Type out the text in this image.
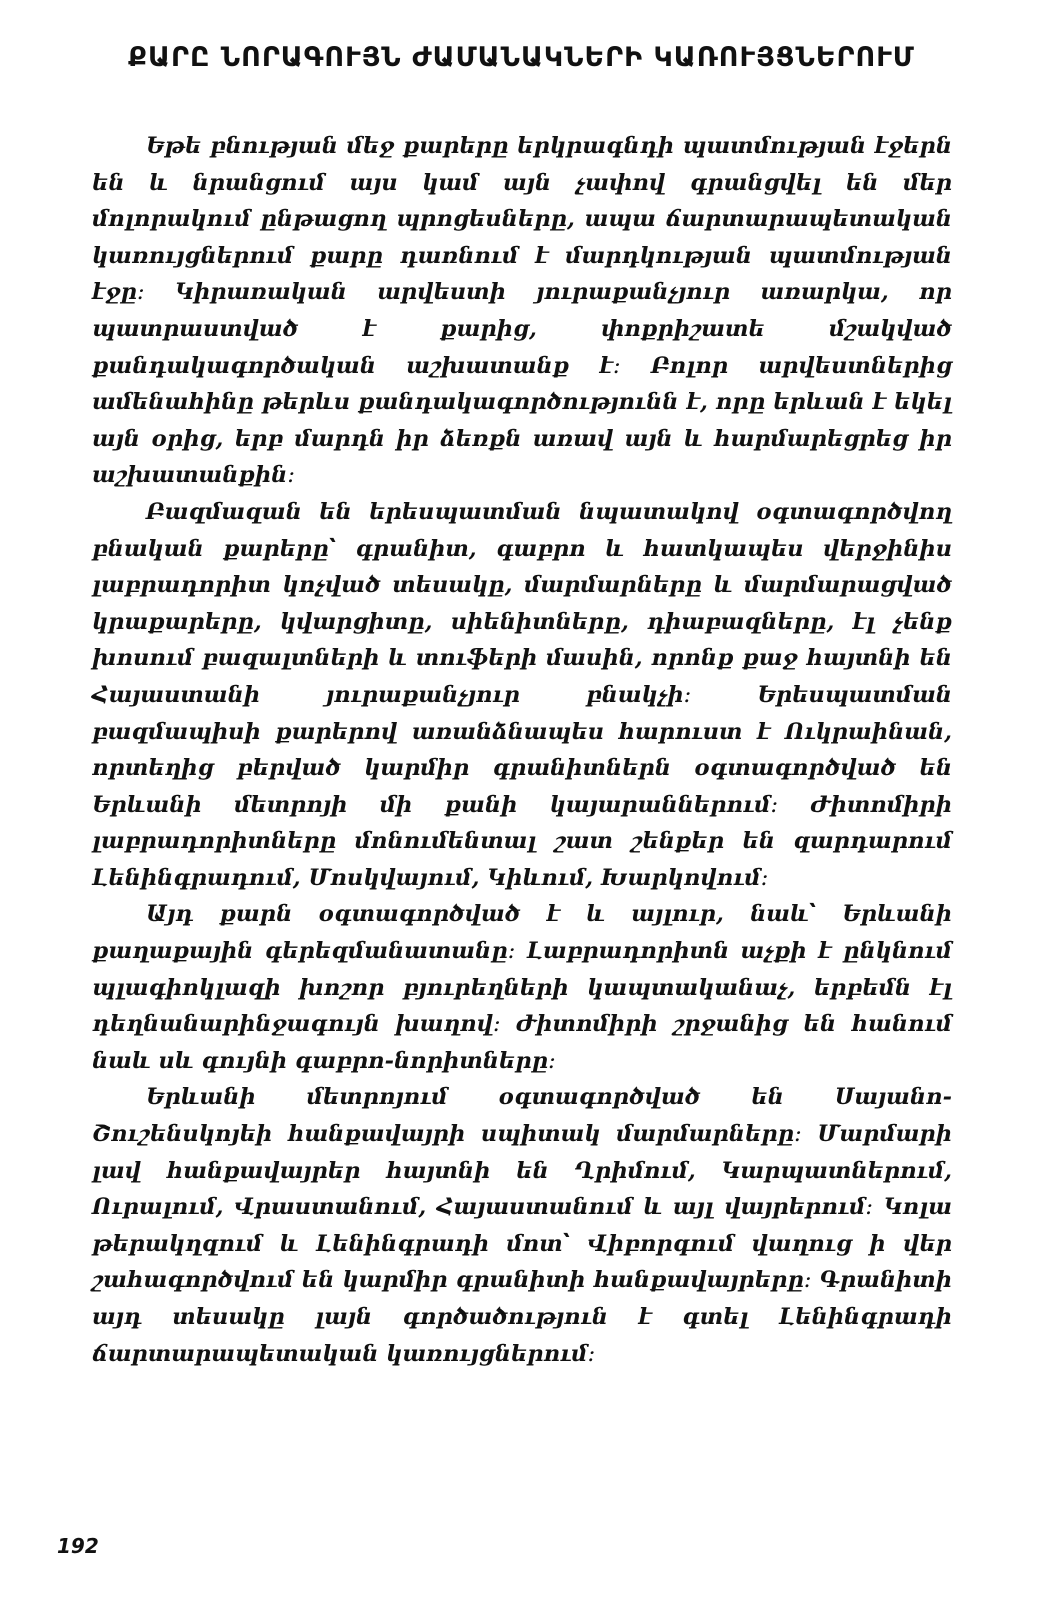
ՔԱՐԸ ՆՈՐԱԳՈՒՅՆ ԺԱՄԱՆԱԿՆԵՐԻ ԿԱՌՈՒՅՑՆԵՐՈՒՄ

Եթե բնության մեջ քարերը երկրագնդի պատմության էջերն են և նրանցում այս կամ այն չափով գրանցվել են մեր մոլորակում ընթացող պրոցեսները, ապա ճարտարապետական կառույցներում քարը դառնում է մարդկության պատմության էջը։ Կիրառական արվեստի յուրաքանչյուր առարկա, որ պատրաստված է քարից, փոքրիշատե մշակված քանդակագործական աշխատանք է։ Բոլոր արվեստներից ամենահինը թերևս քանդակագործությունն է, որը երևան է եկել այն օրից, երբ մարդն իր ձեռքն առավ այն և հարմարեցրեց իր աշխատանքին։

Բազմազան են երեսպատման նպատակով օգտագործվող բնական քարերը՝ գրանիտ, գաբրո և հատկապես վերջինիս լաբրադորիտ կոչված տեսակը, մարմարները և մարմարացված կրաքարերը, կվարցիտը, սիենիտները, դիաբազները, էլ չենք խոսում բազալտների և տուֆերի մասին, որոնք քաջ հայտնի են Հայաստանի յուրաքանչյուր բնակչի։ Երեսպատման բազմապիսի քարերով առանձնապես հարուստ է Ուկրաինան, որտեղից բերված կարմիր գրանիտներն օգտագործված են Երևանի մետրոյի մի քանի կայարաններում։ Ժիտոմիրի լաբրադորիտները մոնումենտալ շատ շենքեր են զարդարում Լենինգրադում, Մոսկվայում, Կիևում, Խարկովում։

Այդ քարն օգտագործված է և այլուր, նաև՝ Երևանի քաղաքային գերեզմանատանը։ Լաբրադորիտն աչքի է ընկնում պլագիոկլազի խոշոր բյուրեղների կապտականաչ, երբեմն էլ դեղնանարինջագույն խաղով։ Ժիտոմիրի շրջանից են հանում նաև սև գույնի գաբրո-նորիտները։

Երևանի մետրոյում օգտագործված են Սայանո-Շուշենսկոյեի հանքավայրի սպիտակ մարմարները։ Մարմարի լավ հանքավայրեր հայտնի են Ղրիմում, Կարպատներում, Ուրալում, Վրաստանում, Հայաստանում և այլ վայրերում։ Կոլա թերակղզում և Լենինգրադի մոտ՝ Վիբորգում վաղուց ի վեր շահագործվում են կարմիր գրանիտի հանքավայրերը։ Գրանիտի այդ տեսակը լայն գործածություն է գտել Լենինգրադի ճարտարապետական կառույցներում։

192
